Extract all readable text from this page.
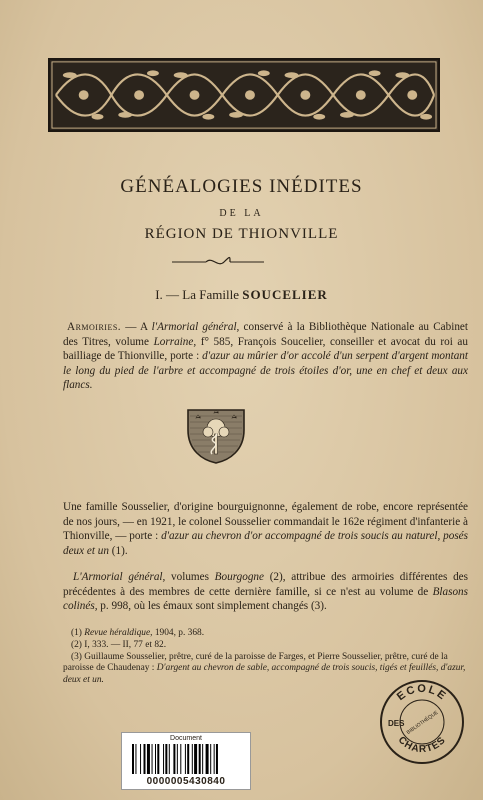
GÉNÉALOGIES INÉDITES
DE LA
RÉGION DE THIONVILLE
I. — La Famille SOUCELIER
Armoiries. — A l'Armorial général, conservé à la Bibliothèque Nationale au Cabinet des Titres, volume Lorraine, f° 585, François Soucelier, conseiller et avocat du roi au bailliage de Thionville, porte : d'azur au mûrier d'or accolé d'un serpent d'argent montant le long du pied de l'arbre et accompagné de trois étoiles d'or, une en chef et deux aux flancs.
Une famille Sousselier, d'origine bourguignonne, également de robe, encore représentée de nos jours, — en 1921, le colonel Sousselier commandait le 162e régiment d'infanterie à Thionville, — porte : d'azur au chevron d'or accompagné de trois soucis au naturel, posés deux et un (1).
L'Armorial général, volumes Bourgogne (2), attribue des armoiries différentes des précédentes à des membres de cette dernière famille, si ce n'est au volume de Blasons colinés, p. 998, où les émaux sont simplement changés (3).
(1) Revue héraldique, 1904, p. 368.
(2) I, 333. — II, 77 et 82.
(3) Guillaume Sousselier, prêtre, curé de la paroisse de Farges, et Pierre Sousselier, prêtre, curé de la paroisse de Chaudenay : D'argent au chevron de sable, accompagné de trois soucis, tigés et feuillés, d'azur, deux et un.
ECOLE
CHARTES
DES BIBLIOTHÈQUE
Document
0000005430840
